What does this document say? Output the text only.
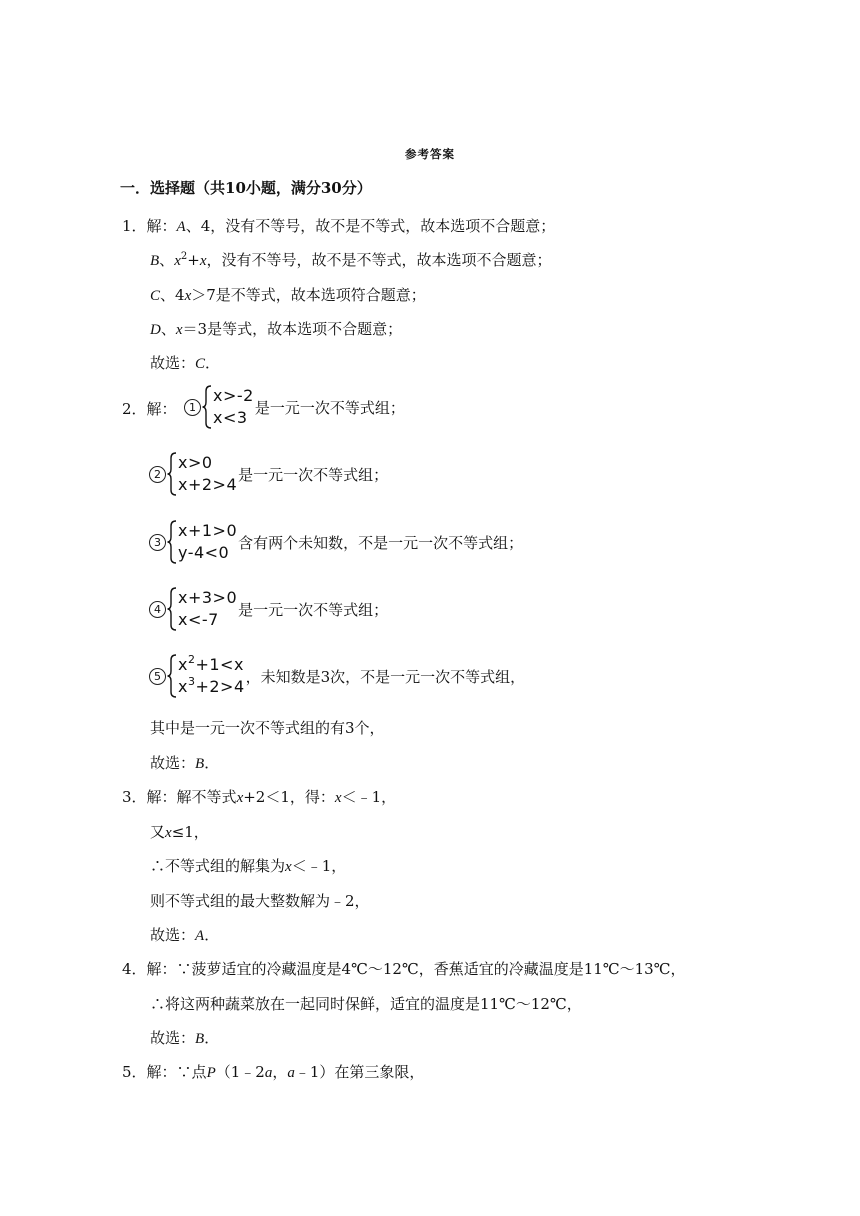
参考答案
一．选择题（共10小题，满分30分）
1．解：A、4，没有不等号，故不是不等式，故本选项不合题意；
B、$x^2+x$，没有不等号，故不是不等式，故本选项不合题意；
C、4x＞7是不等式，故本选项符合题意；
D、x＝3是等式，故本选项不合题意；
故选：C．
2．解：	1
x>-2
x<3
是一元一次不等式组；
2
x>0
x+2>4
是一元一次不等式组；
3
x+1>0
y-4<0
含有两个未知数，不是一元一次不等式组；
4
x+3>0
x<-7
是一元一次不等式组；
5
$x^2+1<x$
$x^3+2>4$
，未知数是3次，不是一元一次不等式组，
其中是一元一次不等式组的有3个，
故选：B．
3．解：解不等式x+2＜1，得：x＜﹣1，
又x≤1，
∴不等式组的解集为x＜﹣1，
则不等式组的最大整数解为﹣2，
故选：A．
4．解：∵菠萝适宜的冷藏温度是4℃～12℃，香蕉适宜的冷藏温度是11℃～13℃，
∴将这两种蔬菜放在一起同时保鲜，适宜的温度是11℃～12℃，
故选：B．
5．解：∵点P（1﹣2a，a﹣1）在第三象限，
